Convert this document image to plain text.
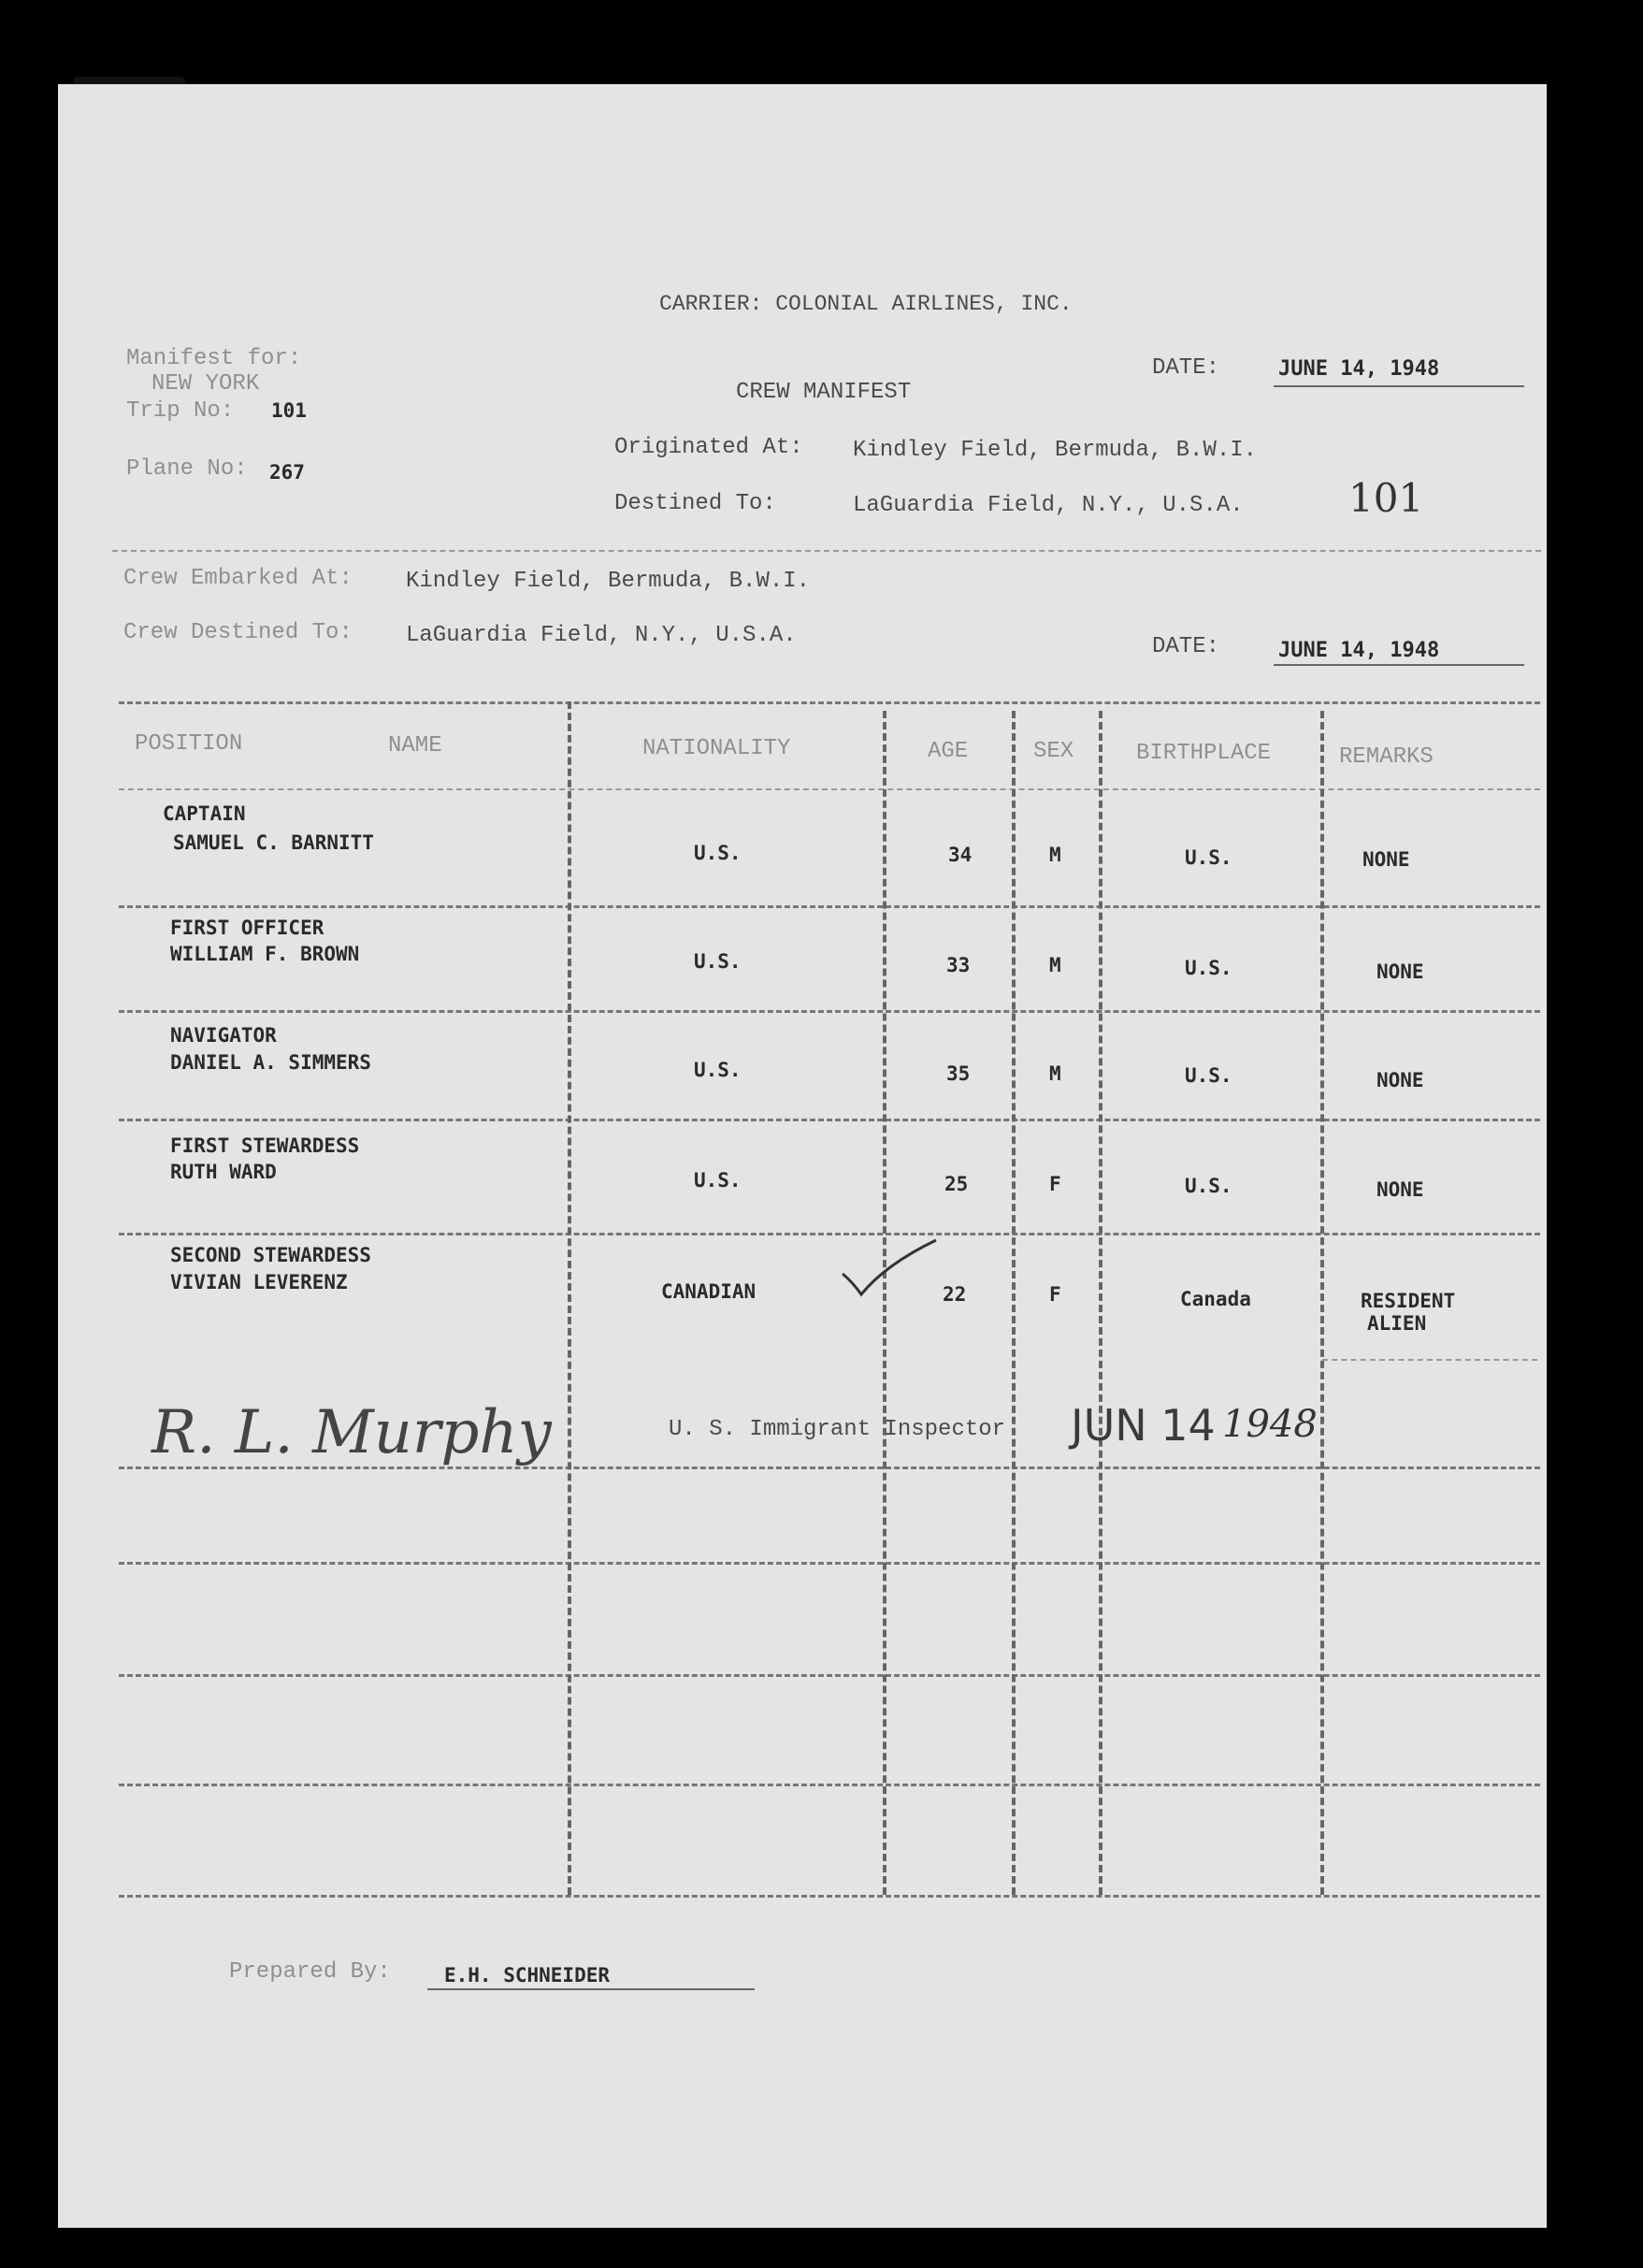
CARRIER: COLONIAL AIRLINES, INC.
Manifest for:
NEW YORK
Trip No: 101
Plane No: 267
DATE:	JUNE 14, 1948
CREW MANIFEST
Originated At: Kindley Field, Bermuda, B.W.I.
Destined To:	LaGuardia Field, N.Y., U.S.A.	101
Crew Embarked At: Kindley Field, Bermuda, B.W.I.
Crew Destined To: LaGuardia Field, N.Y., U.S.A.	DATE:	JUNE 14, 1948
POSITION	NAME	NATIONALITY	AGE	SEX	BIRTHPLACE	REMARKS
CAPTAIN
SAMUEL C. BARNITT	U.S.	34	M	U.S.	NONE
FIRST OFFICER
WILLIAM F. BROWN	U.S.	33	M	U.S.	NONE
NAVIGATOR
DANIEL A. SIMMERS	U.S.	35	M	U.S.	NONE
FIRST STEWARDESS
RUTH WARD	U.S.	25	F	U.S.	NONE
SECOND STEWARDESS
VIVIAN LEVERENZ	CANADIAN	22	F	Canada	RESIDENT
ALIEN
R. L. Murphy	U. S. Immigrant Inspector JUN 14 1948
Prepared By:	E.H. SCHNEIDER
